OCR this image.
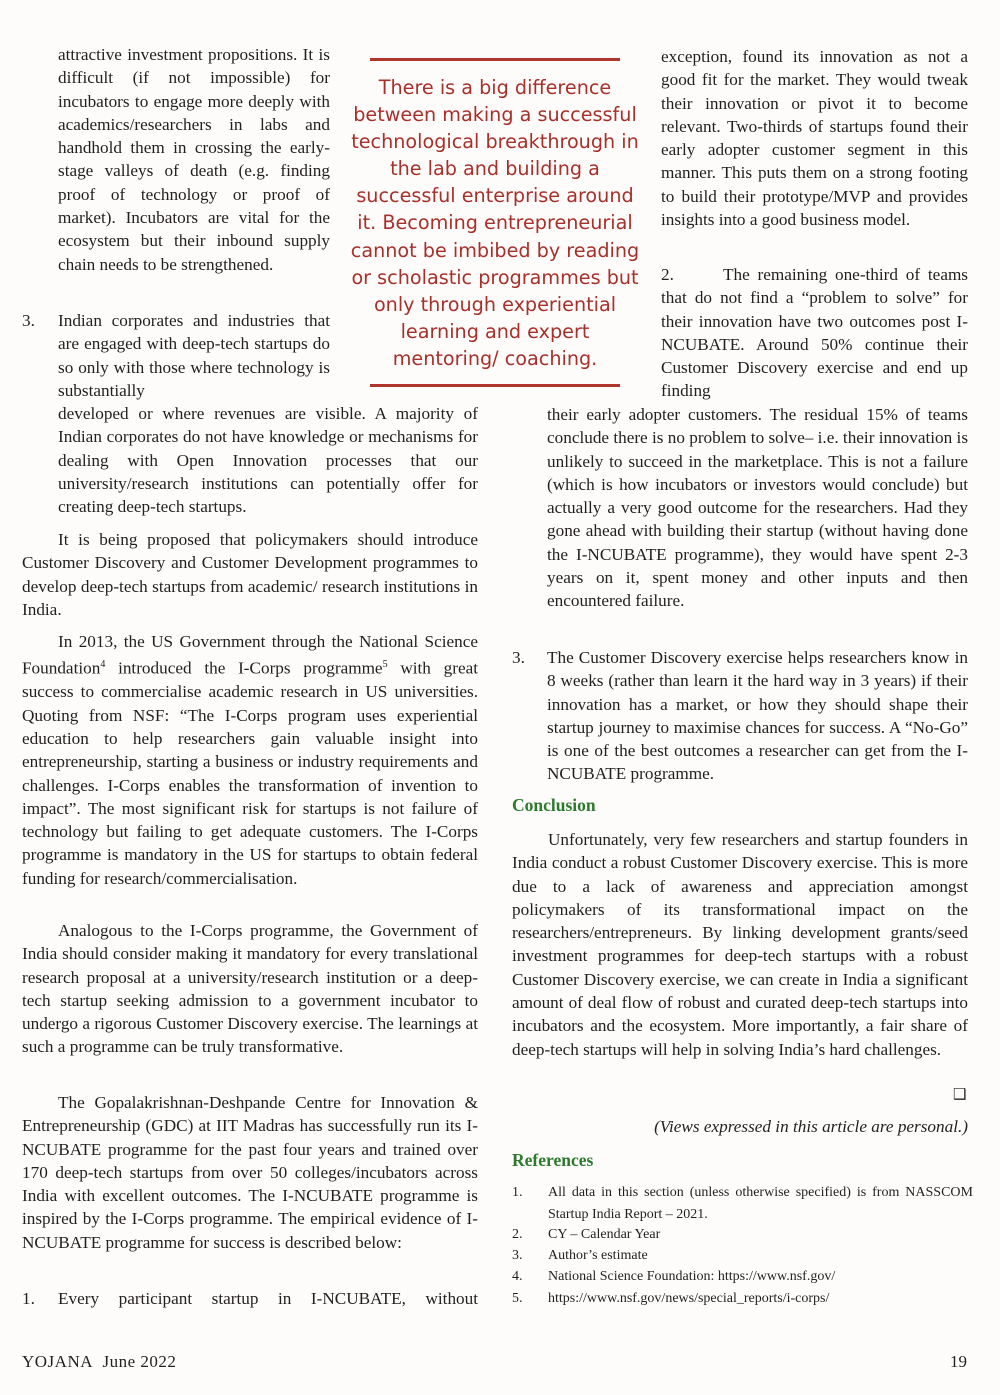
attractive investment propositions. It is difficult (if not impossible) for incubators to engage more deeply with academics/researchers in labs and handhold them in crossing the early-stage valleys of death (e.g. finding proof of technology or proof of market). Incubators are vital for the ecosystem but their inbound supply chain needs to be strengthened.

3. Indian corporates and industries that are engaged with deep-tech startups do so only with those where technology is substantially

developed or where revenues are visible. A majority of Indian corporates do not have knowledge or mechanisms for dealing with Open Innovation processes that our university/research institutions can potentially offer for creating deep-tech startups.

It is being proposed that policymakers should introduce Customer Discovery and Customer Development programmes to develop deep-tech startups from academic/ research institutions in India.

In 2013, the US Government through the National Science Foundation$^4$ introduced the I-Corps programme$^5$ with great success to commercialise academic research in US universities. Quoting from NSF: “The I-Corps program uses experiential education to help researchers gain valuable insight into entrepreneurship, starting a business or industry requirements and challenges. I-Corps enables the transformation of invention to impact”. The most significant risk for startups is not failure of technology but failing to get adequate customers. The I-Corps programme is mandatory in the US for startups to obtain federal funding for research/commercialisation.

Analogous to the I-Corps programme, the Government of India should consider making it mandatory for every translational research proposal at a university/research institution or a deep-tech startup seeking admission to a government incubator to undergo a rigorous Customer Discovery exercise. The learnings at such a programme can be truly transformative.

The Gopalakrishnan-Deshpande Centre for Innovation & Entrepreneurship (GDC) at IIT Madras has successfully run its I-NCUBATE programme for the past four years and trained over 170 deep-tech startups from over 50 colleges/incubators across India with excellent outcomes. The I-NCUBATE programme is inspired by the I-Corps programme. The empirical evidence of I-NCUBATE programme for success is described below:

1. Every participant startup in I-NCUBATE, without

There is a big difference between making a successful technological breakthrough in the lab and building a successful enterprise around it. Becoming entrepreneurial cannot be imbibed by reading or scholastic programmes but only through experiential learning and expert mentoring/ coaching.

exception, found its innovation as not a good fit for the market. They would tweak their innovation or pivot it to become relevant. Two-thirds of startups found their early adopter customer segment in this manner. This puts them on a strong footing to build their prototype/MVP and provides insights into a good business model.

2.	The remaining one-third of teams that do not find a “problem to solve” for their innovation have two outcomes post I-NCUBATE. Around 50% continue their Customer Discovery exercise and end up finding

their early adopter customers. The residual 15% of teams conclude there is no problem to solve– i.e. their innovation is unlikely to succeed in the marketplace. This is not a failure (which is how incubators or investors would conclude) but actually a very good outcome for the researchers. Had they gone ahead with building their startup (without having done the I-NCUBATE programme), they would have spent 2-3 years on it, spent money and other inputs and then encountered failure.

3. The Customer Discovery exercise helps researchers know in 8 weeks (rather than learn it the hard way in 3 years) if their innovation has a market, or how they should shape their startup journey to maximise chances for success. A “No-Go” is one of the best outcomes a researcher can get from the I-NCUBATE programme.

Conclusion

Unfortunately, very few researchers and startup founders in India conduct a robust Customer Discovery exercise. This is more due to a lack of awareness and appreciation amongst policymakers of its transformational impact on the researchers/entrepreneurs. By linking development grants/seed investment programmes for deep-tech startups with a robust Customer Discovery exercise, we can create in India a significant amount of deal flow of robust and curated deep-tech startups into incubators and the ecosystem. More importantly, a fair share of deep-tech startups will help in solving India’s hard challenges.

❑
(Views expressed in this article are personal.)
References
1. All data in this section (unless otherwise specified) is from NASSCOM Startup India Report – 2021.
2. CY – Calendar Year
3. Author’s estimate
4. National Science Foundation: https://www.nsf.gov/
5. https://www.nsf.gov/news/special_reports/i-corps/
YOJANA June 2022	19
